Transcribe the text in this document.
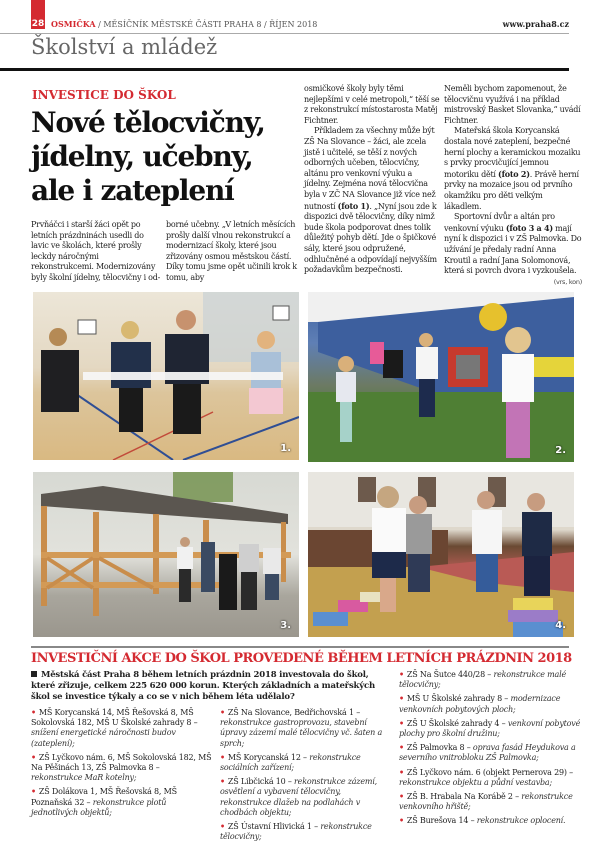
28 OSMIČKA / MĚSÍČNÍK MĚSTSKÉ ČÁSTI PRAHA 8 / ŘÍJEN 2018	www.praha8.cz
Školství a mládež
INVESTICE DO ŠKOL
Nové tělocvičny, jídelny, učebny, ale i zateplení

Prvňáčci i starší žáci opět po letních prázdninách usedli do lavic ve školách, které prošly leckdy náročnými rekonstrukcemi. Modernizovány byly školní jídelny, tělocvičny i od-

borné učebny. „V letních měsících prošly další vlnou rekonstrukcí a modernizací školy, které jsou zřizovány osmou městskou částí. Díky tomu jsme opět učinili krok k tomu, aby

osmičkové školy byly těmi nejlepšími v celé metropoli,“ těší se z rekonstrukcí místostarosta Matěj Fichtner.

Příkladem za všechny může být ZŠ Na Slovance – žáci, ale zcela jistě i učitelé, se těší z nových odborných učeben, tělocvičny, altánu pro venkovní výuku a jídelny. Zejména nová tělocvična byla v ZČ NA Slovance již více než nutností (foto 1). „Nyní jsou zde k dispozici dvě tělocvičny, díky nimž bude škola podporovat dnes tolik důležitý pohyb dětí. Jde o špičkové sály, které jsou odpružené, odhlučněné a odpovídají nejvyšším požadavkům bezpečnosti.

Neměli bychom zapomenout, že tělocvičnu využívá i na příklad mistrovský Basket Slovanka,“ uvádí Fichtner.

Mateřská škola Korycanská dostala nové zateplení, bezpečné herní plochy a keramickou mozaiku s prvky procvičující jemnou motoriku dětí (foto 2). Právě herní prvky na mozaice jsou od prvního okamžiku pro děti velkým lákadlem.

Sportovní dvůr a altán pro venkovní výuku (foto 3 a 4) mají nyní k dispozici i v ZŠ Palmovka. Do užívání je předaly radní Anna Kroutil a radní Jana Solomonová, která si povrch dvora i vyzkoušela.
(vrs, kon)

1.	2.
3.	4.
INVESTIČNÍ AKCE DO ŠKOL PROVEDENÉ BĚHEM LETNÍCH PRÁZDNIN 2018
Městská část Praha 8 během letních prázdnin 2018 investovala do škol, které zřizuje, celkem 225 620 000 korun. Kterých základních a mateřských škol se investice týkaly a co se v nich během léta udělalo?
• MŠ Korycanská 14, MŠ Řešovská 8, MŠ Sokolovská 182, MŠ U Školské zahrady 8 – snížení energetické náročnosti budov (zateplení);
• ZŠ Lyčkovo nám. 6, MŠ Sokolovská 182, MŠ Na Pěšinách 13, ZŠ Palmovka 8 – rekonstrukce MaR kotelny;
• ZŠ Dolákova 1, MŠ Řešovská 8, MŠ Poznaňská 32 – rekonstrukce plotů jednotlivých objektů;
• ZŠ Na Slovance, Bedřichovská 1 – rekonstrukce gastroprovozu, stavební úpravy zázemí malé tělocvičny vč. šaten a sprch;
• MŠ Korycanská 12 – rekonstrukce sociálních zařízení;
• ZŠ Libčická 10 – rekonstrukce zázemí, osvětlení a vybavení tělocvičny, rekonstrukce dlažeb na podlahách v chodbách objektu;
• ZŠ Ústavní Hlivická 1 – rekonstrukce tělocvičny;
• ZŠ Na Šutce 440/28 – rekonstrukce malé tělocvičny;
• MŠ U Školské zahrady 8 – modernizace venkovních pobytových ploch;
• ZŠ U Školské zahrady 4 – venkovní pobytové plochy pro školní družinu;
• ZŠ Palmovka 8 – oprava fasád Heydukova a severního vnitrobloku ZŠ Palmovka;
• ZŠ Lyčkovo nám. 6 (objekt Pernerova 29) – rekonstrukce objektu a půdní vestavba;
• ZŠ B. Hrabala Na Korábě 2 – rekonstrukce venkovního hřiště;
• ZŠ Burešova 14 – rekonstrukce oplocení.
